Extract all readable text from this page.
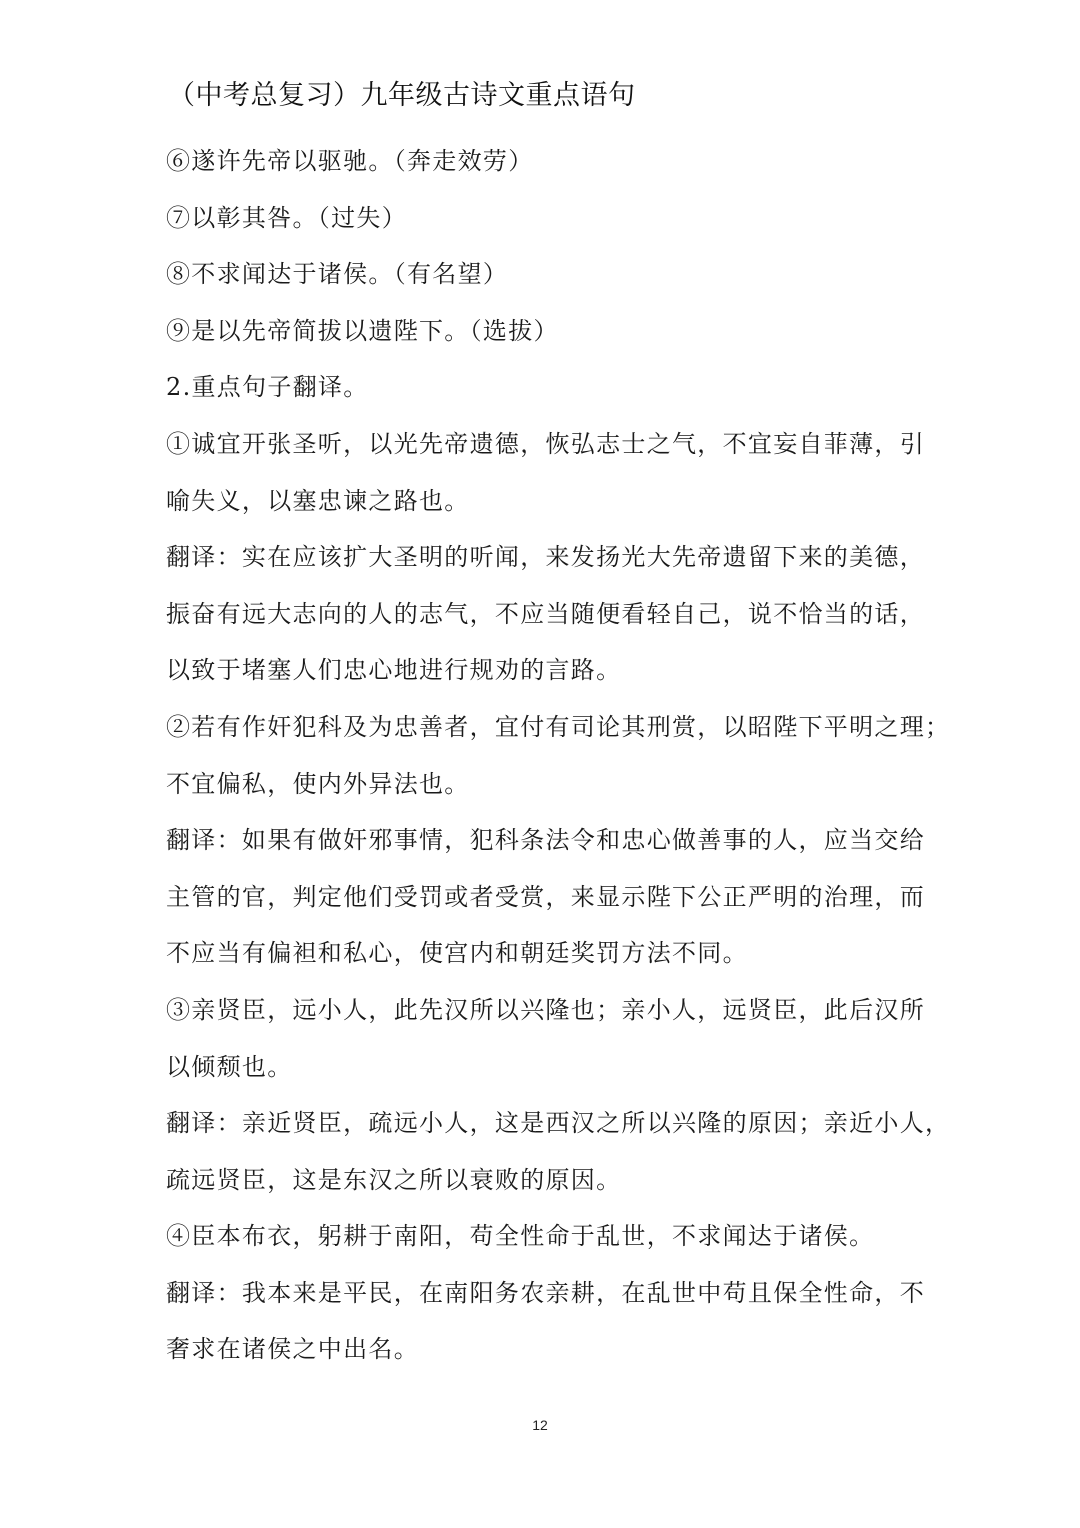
（中考总复习）九年级古诗文重点语句
⑥遂许先帝以驱驰。（奔走效劳）
⑦以彰其咎。（过失）
⑧不求闻达于诸侯。（有名望）
⑨是以先帝简拔以遗陛下。（选拔）
2.重点句子翻译。
①诚宜开张圣听，以光先帝遗德，恢弘志士之气，不宜妄自菲薄，引
喻失义，以塞忠谏之路也。
翻译：实在应该扩大圣明的听闻，来发扬光大先帝遗留下来的美德，
振奋有远大志向的人的志气，不应当随便看轻自己，说不恰当的话，
以致于堵塞人们忠心地进行规劝的言路。
②若有作奸犯科及为忠善者，宜付有司论其刑赏，以昭陛下平明之理；
不宜偏私，使内外异法也。
翻译：如果有做奸邪事情，犯科条法令和忠心做善事的人，应当交给
主管的官，判定他们受罚或者受赏，来显示陛下公正严明的治理，而
不应当有偏袒和私心，使宫内和朝廷奖罚方法不同。
③亲贤臣，远小人，此先汉所以兴隆也；亲小人，远贤臣，此后汉所
以倾颓也。
翻译：亲近贤臣，疏远小人，这是西汉之所以兴隆的原因；亲近小人，
疏远贤臣，这是东汉之所以衰败的原因。
④臣本布衣，躬耕于南阳，苟全性命于乱世，不求闻达于诸侯。
翻译：我本来是平民，在南阳务农亲耕，在乱世中苟且保全性命，不
奢求在诸侯之中出名。
12
